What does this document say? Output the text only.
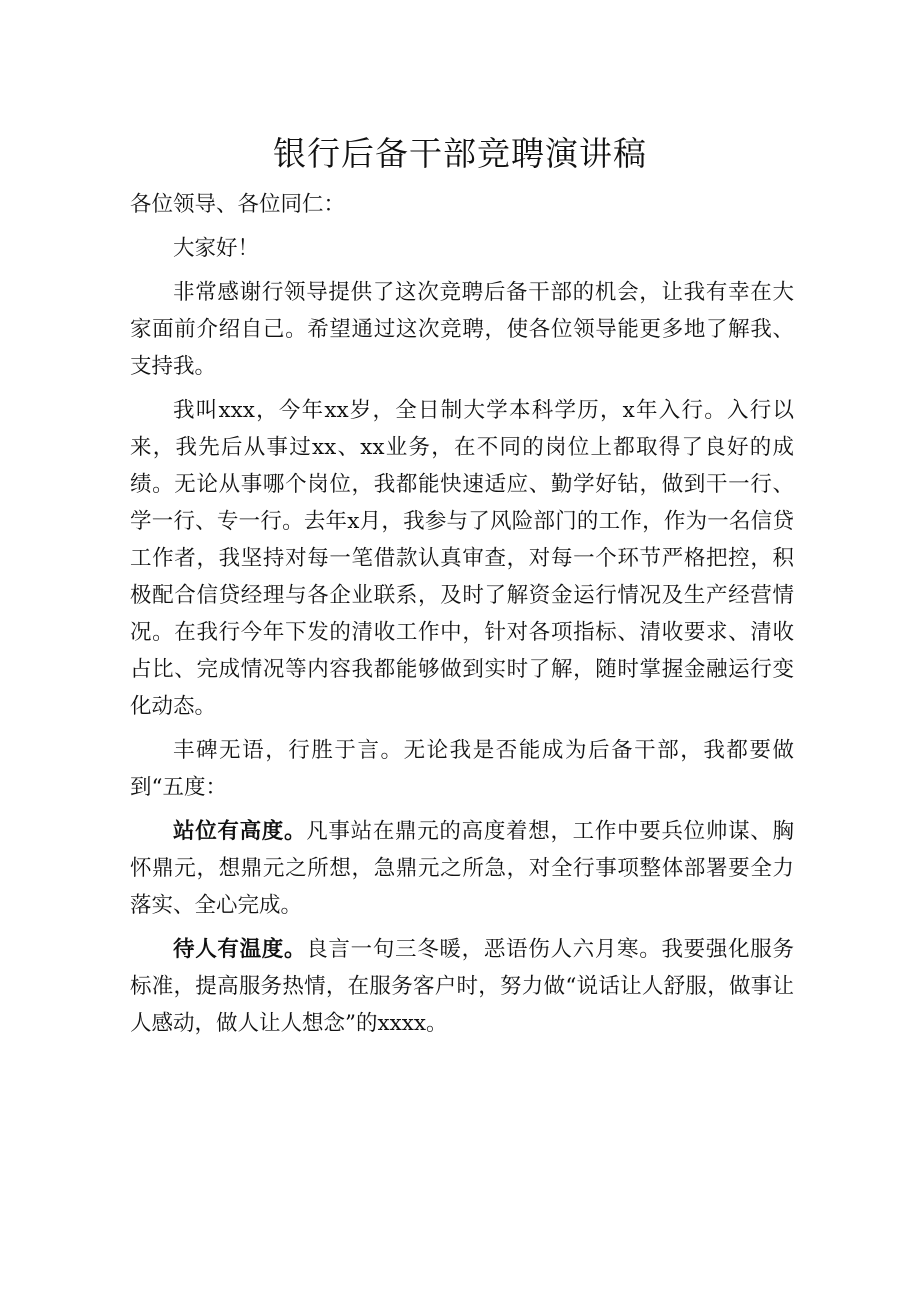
银行后备干部竞聘演讲稿

各位领导、各位同仁：

大家好！

非常感谢行领导提供了这次竞聘后备干部的机会，让我有幸在大家面前介绍自己。希望通过这次竞聘，使各位领导能更多地了解我、支持我。

我叫xxx，今年xx岁，全日制大学本科学历，x年入行。入行以来，我先后从事过xx、xx业务，在不同的岗位上都取得了良好的成绩。无论从事哪个岗位，我都能快速适应、勤学好钻，做到干一行、学一行、专一行。去年x月，我参与了风险部门的工作，作为一名信贷工作者，我坚持对每一笔借款认真审查，对每一个环节严格把控，积极配合信贷经理与各企业联系，及时了解资金运行情况及生产经营情况。在我行今年下发的清收工作中，针对各项指标、清收要求、清收占比、完成情况等内容我都能够做到实时了解，随时掌握金融运行变化动态。

丰碑无语，行胜于言。无论我是否能成为后备干部，我都要做到“五度：

站位有高度。凡事站在鼎元的高度着想，工作中要兵位帅谋、胸怀鼎元，想鼎元之所想，急鼎元之所急，对全行事项整体部署要全力落实、全心完成。

待人有温度。良言一句三冬暖，恶语伤人六月寒。我要强化服务标准，提高服务热情，在服务客户时，努力做“说话让人舒服，做事让人感动，做人让人想念”的xxxx。
